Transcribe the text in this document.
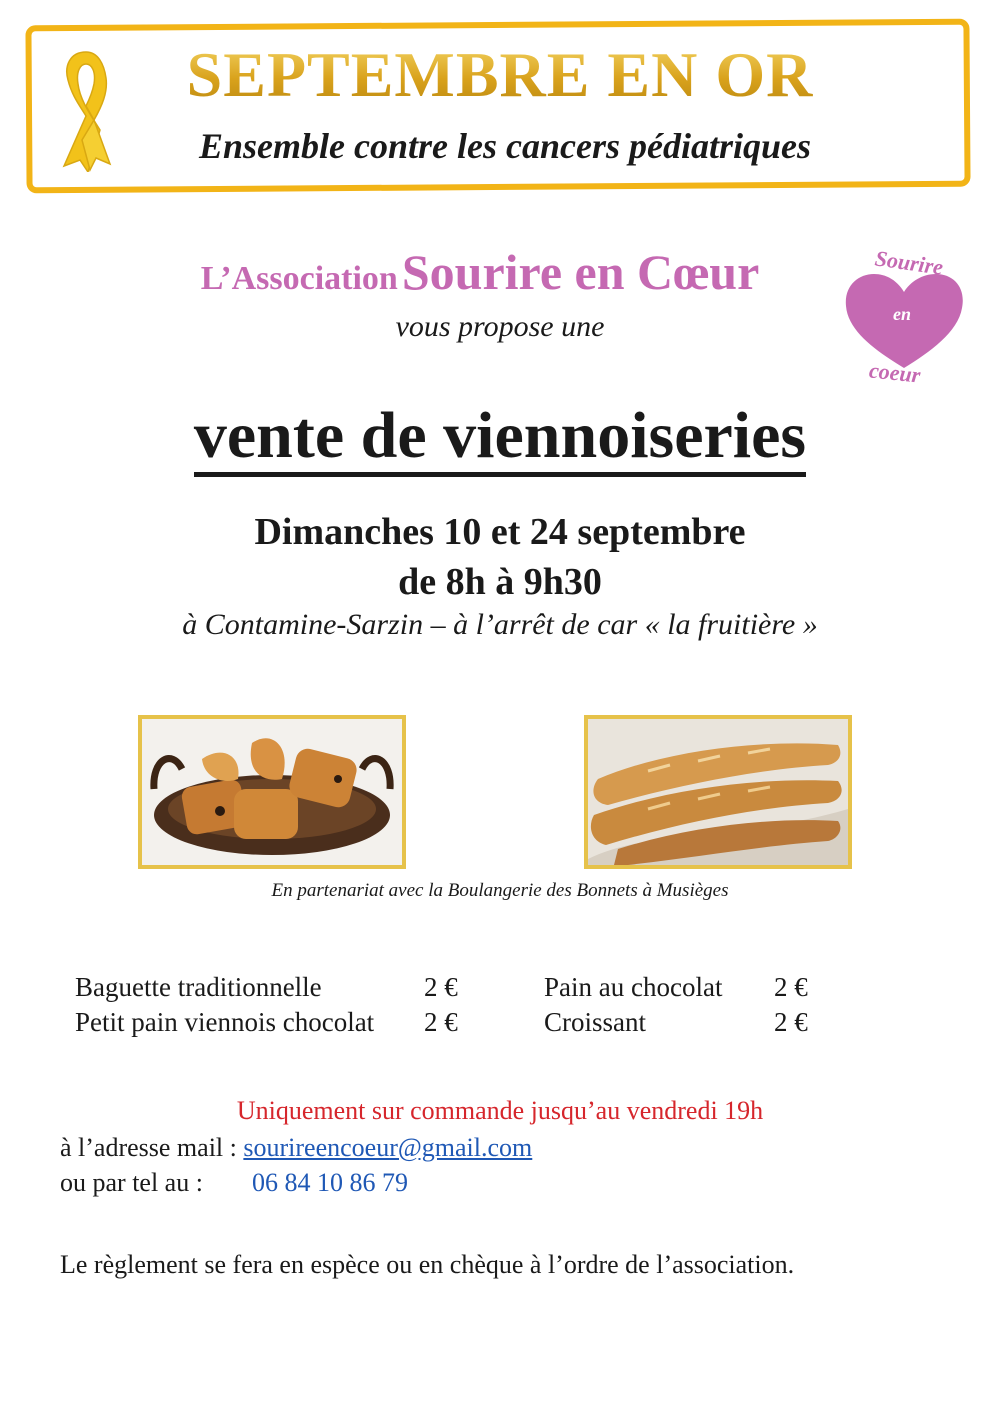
SEPTEMBRE EN OR
Ensemble contre les cancers pédiatriques
L’Association Sourire en Cœur
vous propose une
Sourire
en
coeur
vente de viennoiseries
Dimanches 10 et 24 septembre
de 8h à 9h30
à Contamine-Sarzin – à l’arrêt de car « la fruitière »
En partenariat avec la Boulangerie des Bonnets à Musièges
Baguette traditionnelle	2 €
Petit pain viennois chocolat 2 €
Pain au chocolat 2 €
Croissant	2 €
Uniquement sur commande jusqu’au vendredi 19h
à l’adresse mail : sourireencoeur@gmail.com
ou par tel au : 06 84 10 86 79
Le règlement se fera en espèce ou en chèque à l’ordre de l’association.
